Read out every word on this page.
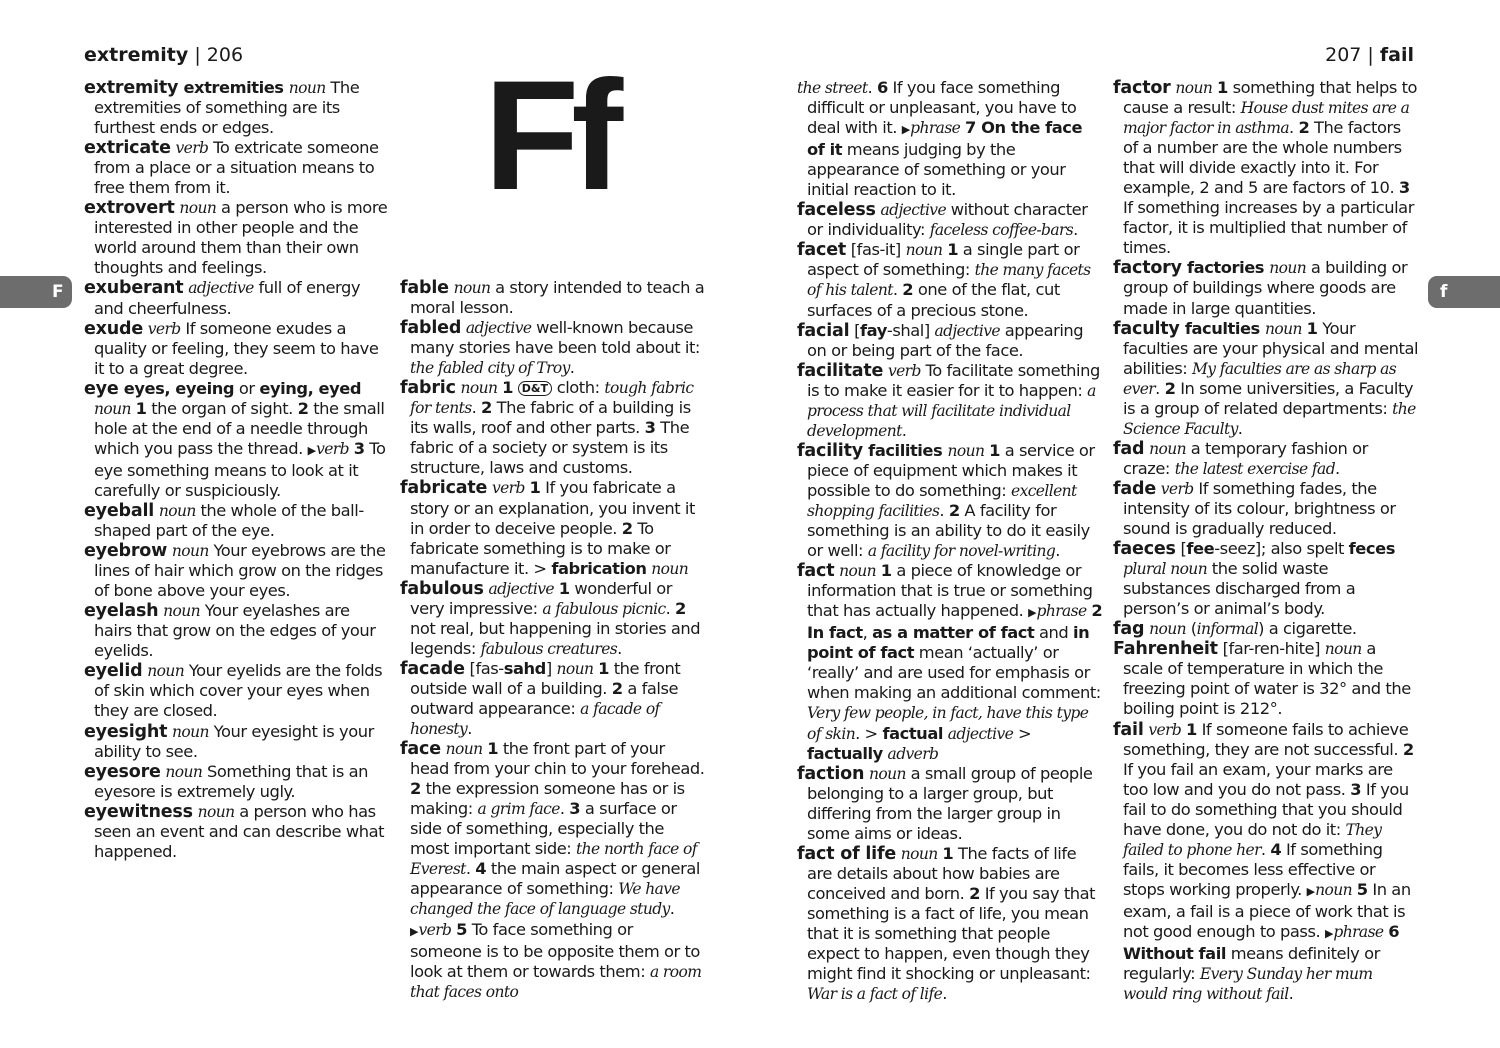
extremity | 206	207 | fail
F	f
Ff

extremity extremities noun The extremities of something are its furthest ends or edges.

extricate verb To extricate someone from a place or a situation means to free them from it.

extrovert noun a person who is more interested in other people and the world around them than their own thoughts and feelings.

exuberant adjective full of energy and cheerfulness.

exude verb If someone exudes a quality or feeling, they seem to have it to a great degree.

eye eyes, eyeing or eying, eyed noun 1 the organ of sight. 2 the small hole at the end of a needle through which you pass the thread. ▶verb 3 To eye something means to look at it carefully or suspiciously.

eyeball noun the whole of the ball-shaped part of the eye.

eyebrow noun Your eyebrows are the lines of hair which grow on the ridges of bone above your eyes.

eyelash noun Your eyelashes are hairs that grow on the edges of your eyelids.

eyelid noun Your eyelids are the folds of skin which cover your eyes when they are closed.

eyesight noun Your eyesight is your ability to see.

eyesore noun Something that is an eyesore is extremely ugly.

eyewitness noun a person who has seen an event and can describe what happened.

fable noun a story intended to teach a moral lesson.

fabled adjective well-known because many stories have been told about it: the fabled city of Troy.

fabric noun 1 D&T cloth: tough fabric for tents. 2 The fabric of a building is its walls, roof and other parts. 3 The fabric of a society or system is its structure, laws and customs.

fabricate verb 1 If you fabricate a story or an explanation, you invent it in order to deceive people. 2 To fabricate something is to make or manufacture it. > fabrication noun

fabulous adjective 1 wonderful or very impressive: a fabulous picnic. 2 not real, but happening in stories and legends: fabulous creatures.

facade [fas-sahd] noun 1 the front outside wall of a building. 2 a false outward appearance: a facade of honesty.

face noun 1 the front part of your head from your chin to your forehead. 2 the expression someone has or is making: a grim face. 3 a surface or side of something, especially the most important side: the north face of Everest. 4 the main aspect or general appearance of something: We have changed the face of language study. ▶verb 5 To face something or someone is to be opposite them or to look at them or towards them: a room that faces onto

the street. 6 If you face something difficult or unpleasant, you have to deal with it. ▶phrase 7 On the face of it means judging by the appearance of something or your initial reaction to it.

faceless adjective without character or individuality: faceless coffee-bars.

facet [fas-it] noun 1 a single part or aspect of something: the many facets of his talent. 2 one of the flat, cut surfaces of a precious stone.

facial [fay-shal] adjective appearing on or being part of the face.

facilitate verb To facilitate something is to make it easier for it to happen: a process that will facilitate individual development.

facility facilities noun 1 a service or piece of equipment which makes it possible to do something: excellent shopping facilities. 2 A facility for something is an ability to do it easily or well: a facility for novel-writing.

fact noun 1 a piece of knowledge or information that is true or something that has actually happened. ▶phrase 2 In fact, as a matter of fact and in point of fact mean ‘actually’ or ‘really’ and are used for emphasis or when making an additional comment: Very few people, in fact, have this type of skin. > factual adjective > factually adverb

faction noun a small group of people belonging to a larger group, but differing from the larger group in some aims or ideas.

fact of life noun 1 The facts of life are details about how babies are conceived and born. 2 If you say that something is a fact of life, you mean that it is something that people expect to happen, even though they might find it shocking or unpleasant: War is a fact of life.

factor noun 1 something that helps to cause a result: House dust mites are a major factor in asthma. 2 The factors of a number are the whole numbers that will divide exactly into it. For example, 2 and 5 are factors of 10. 3 If something increases by a particular factor, it is multiplied that number of times.

factory factories noun a building or group of buildings where goods are made in large quantities.

faculty faculties noun 1 Your faculties are your physical and mental abilities: My faculties are as sharp as ever. 2 In some universities, a Faculty is a group of related departments: the Science Faculty.

fad noun a temporary fashion or craze: the latest exercise fad.

fade verb If something fades, the intensity of its colour, brightness or sound is gradually reduced.

faeces [fee-seez]; also spelt feces plural noun the solid waste substances discharged from a person’s or animal’s body.

fag noun (informal) a cigarette.

Fahrenheit [far-ren-hite] noun a scale of temperature in which the freezing point of water is 32° and the boiling point is 212°.

fail verb 1 If someone fails to achieve something, they are not successful. 2 If you fail an exam, your marks are too low and you do not pass. 3 If you fail to do something that you should have done, you do not do it: They failed to phone her. 4 If something fails, it becomes less effective or stops working properly. ▶noun 5 In an exam, a fail is a piece of work that is not good enough to pass. ▶phrase 6 Without fail means definitely or regularly: Every Sunday her mum would ring without fail.
